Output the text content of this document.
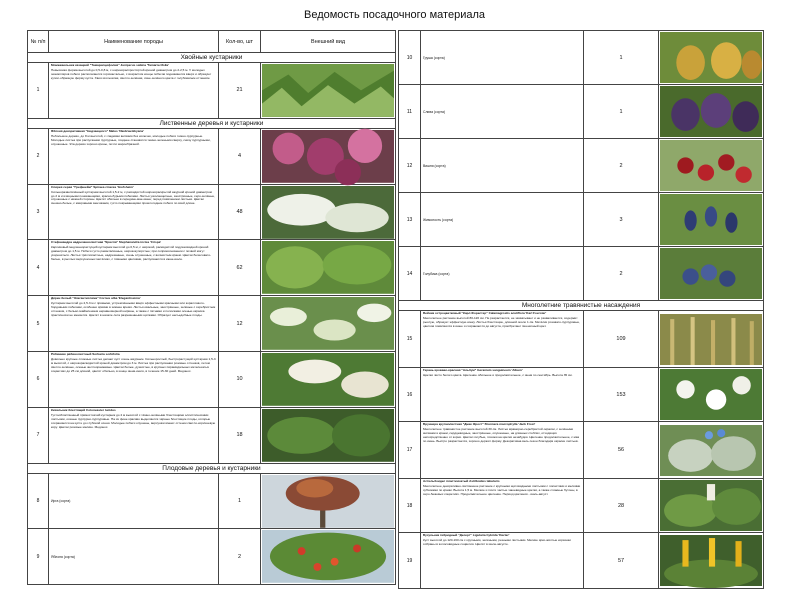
Ведомость посадочного материала
№ п/п	Наименование породы	Кол-во, шт	Внешний вид
Хвойные кустарники			
1	Можжевельник казацкий "Тамарисцифолия" Juniperus sabina 'Tamariscifolia'
Невысокая форма высотой до 0,5-0,8 м, с широкораспростёртой кроной диаметром до 2-2,5 м. У молодых экземпляров побеги располагаются горизонтально, с возрастом концы побегов поднимаются вверх и образуют купол-образную форму куста. Хвоя игольчатая, светло-зелёная, сине-зелёного цвета с голубоватым оттенком.	21	

Лиственные деревья и кустарники			
2	Яблоня декоративная "Недзвецкого" Malus 'Niedzwetzkyana'
Небольшое дерево, до 8 м высотой, с гладкими ветвями без колючек, молодые побеги темно-пурпурные. Молодые листья при распускании пурпурные, позднее становятся темно-зелеными сверху, снизу пурпурными, опушенные. Эта дерево хорошо кроны, почти шарообразной.	4	

3	Спирея серая "Грефшейм" Spiraea cinerea 'Grefsheim'
Сильноразветвлённый кустарник высотой 1,5-2 м, с раскидистой широкораскрытой ажурной кроной диаметром до 2 м и изящными поникающими, красно-бурыми побегами. Листья узколанцетные, заострённые, серо-зелёные, опушенные с нижней стороны. Цветёт обильно в середине-мае-июне; перед появлением листьев. Цветки снежно-белые, с махровыми венчиками, густо покрывающими прошлогодние побеги по всей длине.	48	

4	Стефанандра надрезаннолистная "Криспа" Stephanandra incisa 'Crispa'
Карликовый медленнорастущий кустарник высотой до 0,5 м, с широкой, раскидистой подушковидной кроной диаметром до 1,5 м. Побеги густо разветвлённые, ширококупорстые; при соприкосновении с почвой могут укореняться. Листья трёхлопастные, надрезанные, очень слушенные, с волнистым краем. Цветки белесовато-белые, в рыхлых верхушечных метёлках, с тёмными цветками, распускаются в июне-июле.	62	

5	Дёрен белый "Элегантиссима" Cornus alba 'Elegantissima'
Кустарник высотой до 2,5-3 м с прямыми, устремлёнными вверх эффектными красными или кораллового-бордовыми побегами, особенно яркими в зимнее время. Листья овальные, заострённые, зелёные с серебристым оттенком, с белым окаймлением неравномерной ширины, а также с пятнами и полосками осенью окраска практически не меняется. Цветёт в начале лета разреженными щитками. Образует несъедобные плоды.	12	

6	Рябинник рябинолистный Sorbaria sorbifolia
Довольно крупные сложные листья делают куст очень ажурным. Сильнорослый, быстрорастущий кустарник 1,5-3 м высотой, с широкораскидистой кроной диаметром до 3 м. Листья при распускании розовые оттенков, летом светло-зелёные, осенью желтооранжевые. Цветки белые, душистые, в крупных пирамидальных метельчатых соцветиях до 25 см длиной, цветёт обильно, в конце июня-июля, в течение 15-30 дней. Медонос.	10	

7	Кизильник блестящий Cotoneaster lucidus
Густооблиственный прямостоячий кустарник до 2 м высотой с тёмно-зелёными блестящими эллиптическими листьями, осенью пурпурно-пурпуровые. На их фоне красиво выделяются чёрные блестящие плоды, которые сохраняются на кусте до глубокой осени. Молодые побеги опушены, верхушки имеют оттенок светло-коричневую кору. Цветки розовые мелкие. Медонос.	18	

Плодовые деревья и кустарники			
8	Ирга (сорта)	1	

9	Яблоня (сорта)	2	
10	Груша (сорта)	1	

11	Слива (сорта)	1	

12	Вишня (сорта)	2	

13	Жимолость (сорта)	3	

14	Голубика (сорта)	2	

Многолетние травянистые насаждения			
15	Вейник остроцветковый "Карл Форестер" Calamagrostis acutiflora 'Karl Foerster'
Многолетнее растение высотой 80-120 см. Не разрастается, не захватывает и не разваливается, содержит рыхлую, образует эффектную конку. Листья блестящие, длинной около 1 см. Метёлки розовато-пурпуровые, цветков появляются в июне и сохраняются до августа, приобретают пшеничный цвет.	109	

16	Герань кроваво-красная "Альбум" Geranium sanguineum 'Album'
Цветки чисто белого цвета. Цветение обильное и продолжительное, с июня по сентябрь. Высота 35 см.	153	

17	Бруннера крупнолистная "Джек Фрост" Brunnera macrophylla 'Jack Frost'
Многолетнее травянистое растение высотой 30 см. Листья мраморно-серебристой окраски, с зелёными жилками и краем, сердцевидные, заострённые, опушенные, на длинных стеблях, отходящих непосредственно от корня. Цветки голубые, похожи на цветки незабудки. Цветение продолжительное, с мая по июнь. Быстро разрастается, хорошо держит форму. Декоративна весь сезон благодаря окраске листьев.	56	

18	Астильбоидес пластинчатый Astilboides tabularis
Многолетнее декоративно-лиственное растение с крупными щитовидными листьями с лопастями и мелкими зубчиками по краям. Высота 1,5 м. Мелкие и почти частые чашевидные цветки, а также сложные бутоны, в серо-бежевых соцветиях. Продолжительное цветение. Период цветения - июль-август.	28	

19	Бузульник гибридный "Десерт" Ligularia hybrida 'Dezter'
Куст высотой до 120-160 см с крупными, зелёными, резными листьями. Мелкие ярко-жёлтые корзинки собраны в колосовидные соцветия. Цветёт в июле-августе.	57	
